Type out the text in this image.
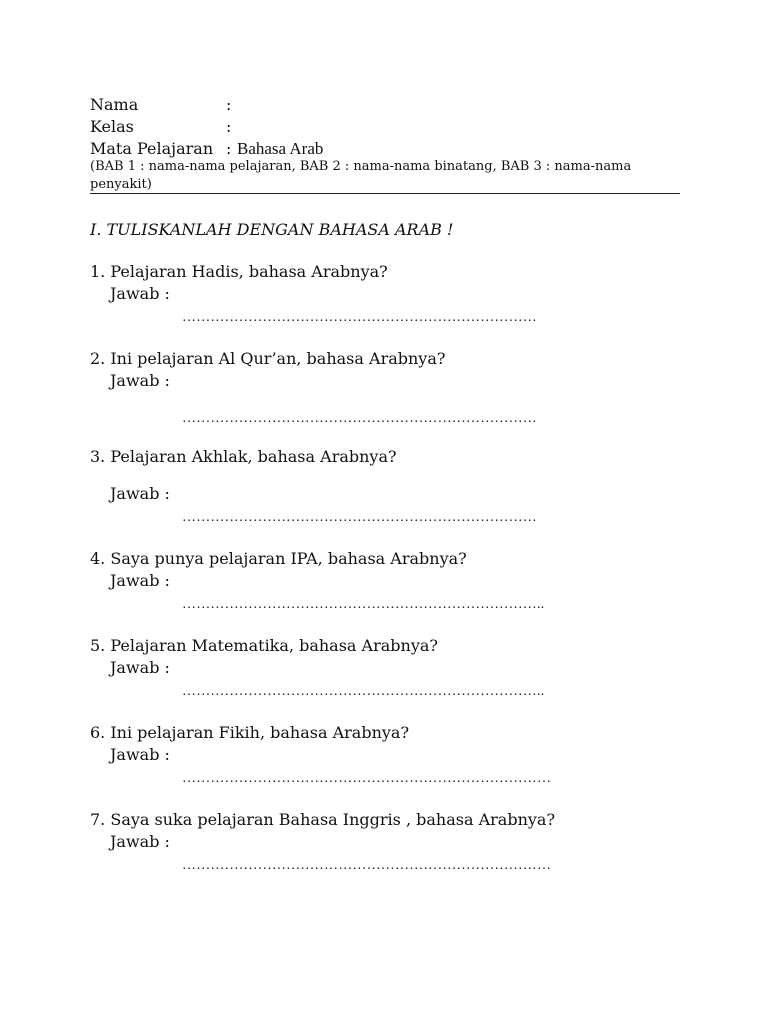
Nama	:
Kelas	:
Mata Pelajaran : Bahasa Arab
(BAB 1 : nama-nama pelajaran, BAB 2 : nama-nama binatang, BAB 3 : nama-nama penyakit)
I. TULISKANLAH DENGAN BAHASA ARAB !
1. Pelajaran Hadis, bahasa Arabnya?
Jawab :
…………………………………………………………………
2. Ini pelajaran Al Qur’an, bahasa Arabnya?
Jawab :
…………………………………………………………………
3. Pelajaran Akhlak, bahasa Arabnya?
Jawab :
…………………………………………………………………
4. Saya punya pelajaran IPA, bahasa Arabnya?
Jawab :
…………………………………………………………………..
5. Pelajaran Matematika, bahasa Arabnya?
Jawab :
…………………………………………………………………..
6. Ini pelajaran Fikih, bahasa Arabnya?
Jawab :
……………………………………………………………………
7. Saya suka pelajaran Bahasa Inggris , bahasa Arabnya?
Jawab :
……………………………………………………………………
